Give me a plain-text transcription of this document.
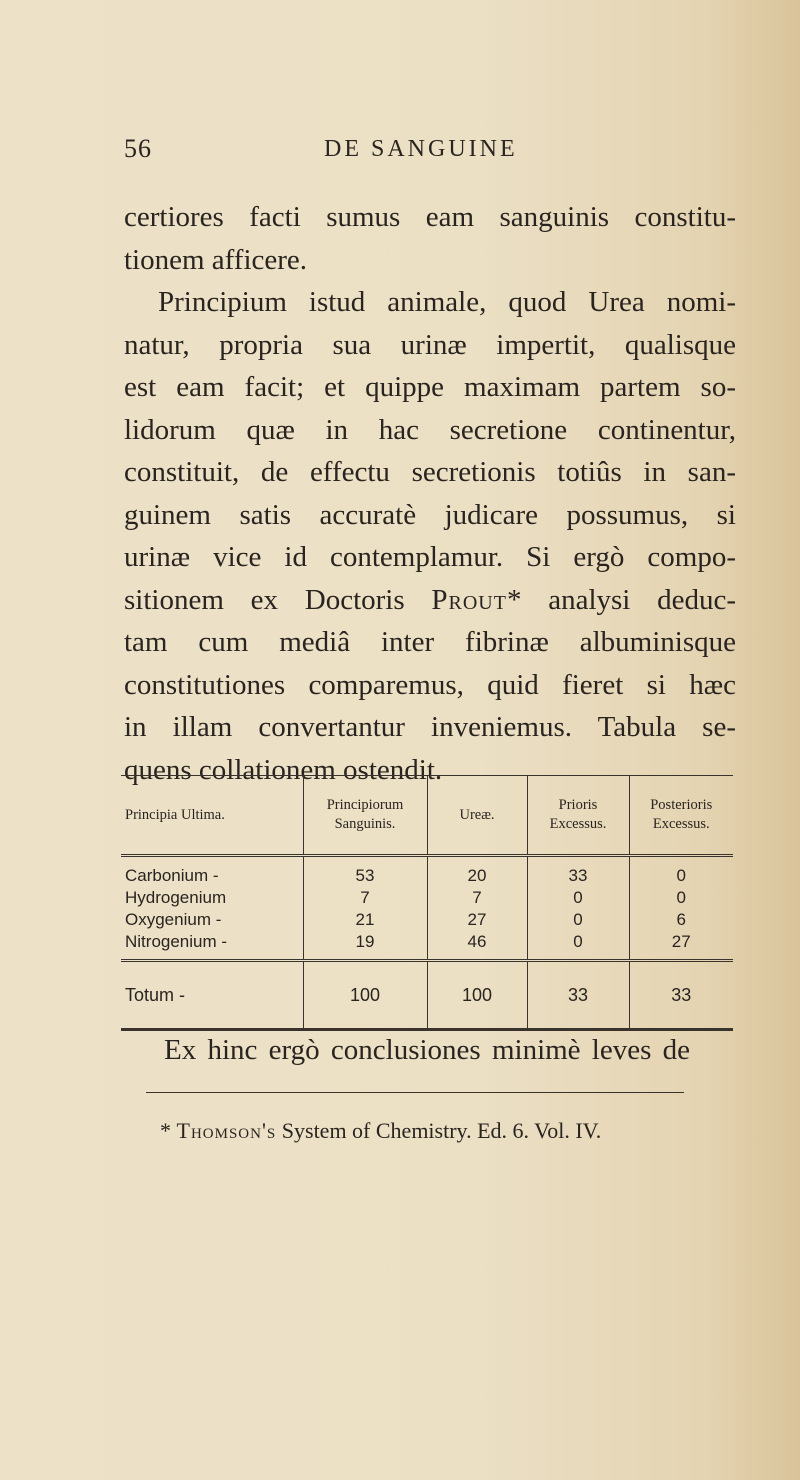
56	DE SANGUINE
certiores facti sumus eam sanguinis constitu-
tionem afficere.
Principium istud animale, quod Urea nomi-
natur, propria sua urinæ impertit, qualisque
est eam facit; et quippe maximam partem so-
lidorum quæ in hac secretione continentur,
constituit, de effectu secretionis totiûs in san-
guinem satis accuratè judicare possumus, si
urinæ vice id contemplamur. Si ergò compo-
sitionem ex Doctoris Prout* analysi deduc-
tam cum mediâ inter fibrinæ albuminisque
constitutiones comparemus, quid fieret si hæc
in illam convertantur inveniemus. Tabula se-
quens collationem ostendit.
Principia Ultima.	Principiorum Sanguinis.	Ureæ.	Prioris Excessus.	Posterioris Excessus.
Carbonium -	53	20	33	0
Hydrogenium	7	7	0	0
Oxygenium -	21	27	0	6
Nitrogenium -	19	46	0	27
Totum -	100	100	33	33
Ex hinc ergò conclusiones minimè leves de
* Thomson's System of Chemistry. Ed. 6. Vol. IV.
